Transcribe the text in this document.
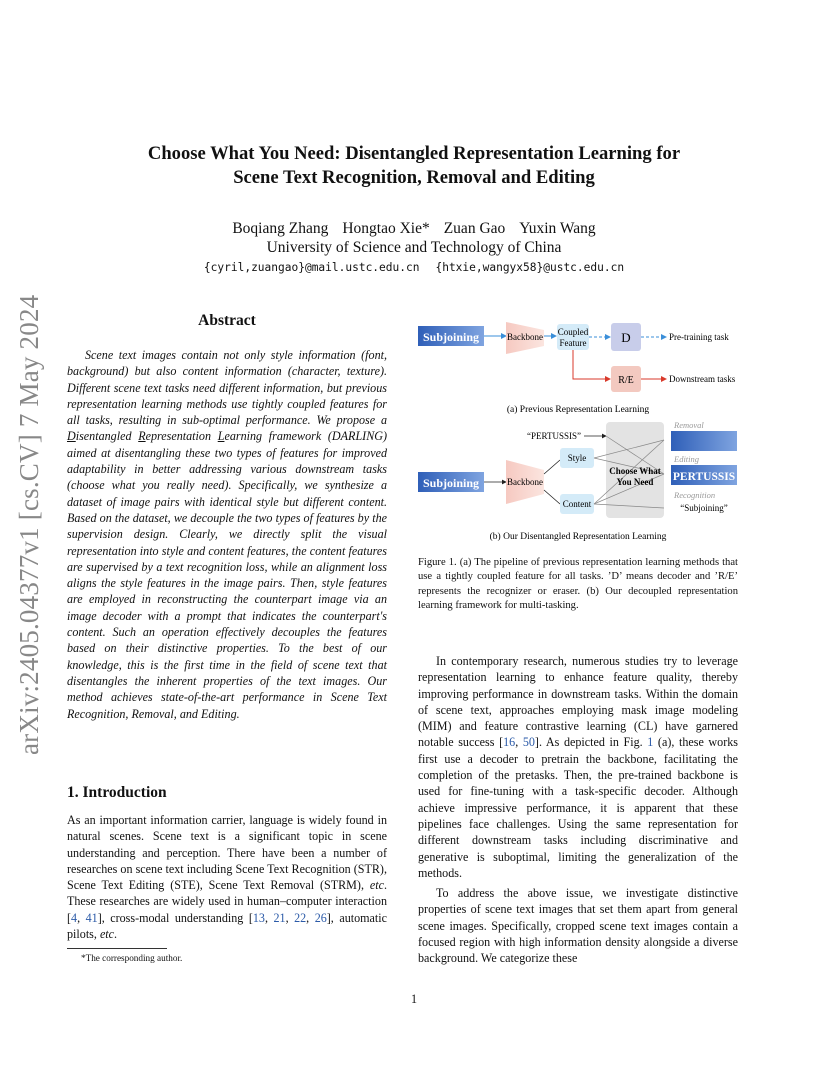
Choose What You Need: Disentangled Representation Learning for
Scene Text Recognition, Removal and Editing
Boqiang Zhang Hongtao Xie* Zuan Gao Yuxin Wang
University of Science and Technology of China
{cyril,zuangao}@mail.ustc.edu.cn {htxie,wangyx58}@ustc.edu.cn
arXiv:2405.04377v1 [cs.CV] 7 May 2024	Abstract

Scene text images contain not only style information (font, background) but also content information (character, texture). Different scene text tasks need different information, but previous representation learning methods use tightly coupled features for all tasks, resulting in sub-optimal performance. We propose a Disentangled Representation Learning framework (DARLING) aimed at disentangling these two types of features for improved adaptability in better addressing various downstream tasks (choose what you really need). Specifically, we synthesize a dataset of image pairs with identical style but different content. Based on the dataset, we decouple the two types of features by the supervision design. Clearly, we directly split the visual representation into style and content features, the content features are supervised by a text recognition loss, while an alignment loss aligns the style features in the image pairs. Then, style features are employed in reconstructing the counterpart image via an image decoder with a prompt that indicates the counterpart's content. Such an operation effectively decouples the features based on their distinctive properties. To the best of our knowledge, this is the first time in the field of scene text that disentangles the inherent properties of the text images. Our method achieves state-of-the-art performance in Scene Text Recognition, Removal, and Editing.

1. Introduction

As an important information carrier, language is widely found in natural scenes. Scene text is a significant topic in scene understanding and perception. There have been a number of researches on scene text including Scene Text Recognition (STR), Scene Text Editing (STE), Scene Text Removal (STRM), etc. These researches are widely used in human–computer interaction [4, 41], cross-modal understanding [13, 21, 22, 26], automatic pilots, etc.

*The corresponding author.
1
Subjoining	Backbone Coupled
Feature	D	Pre-training task
R/E	Downstream tasks
(a) Previous Representation Learning
“PERTUSSIS”
Subjoining	Backbone
Style
Content
Choose What
You Need
Removal
Editing
PERTUSSIS
Recognition
“Subjoining”
(b) Our Disentangled Representation Learning
Figure 1. (a) The pipeline of previous representation learning methods that use a tightly coupled feature for all tasks. ’D’ means decoder and ’R/E’ represents the recognizer or eraser. (b) Our decoupled representation learning framework for multi-tasking.

In contemporary research, numerous studies try to leverage representation learning to enhance feature quality, thereby improving performance in downstream tasks. Within the domain of scene text, approaches employing mask image modeling (MIM) and feature contrastive learning (CL) have garnered notable success [16, 50]. As depicted in Fig. 1 (a), these works first use a decoder to pretrain the backbone, facilitating the completion of the pretasks. Then, the pre-trained backbone is used for fine-tuning with a task-specific decoder. Although achieve impressive performance, it is apparent that these pipelines face challenges. Using the same representation for different downstream tasks including discriminative and generative is suboptimal, limiting the generalization of the methods.

To address the above issue, we investigate distinctive properties of scene text images that set them apart from general scene images. Specifically, cropped scene text images contain a focused region with high information density alongside a diverse background. We categorize these
